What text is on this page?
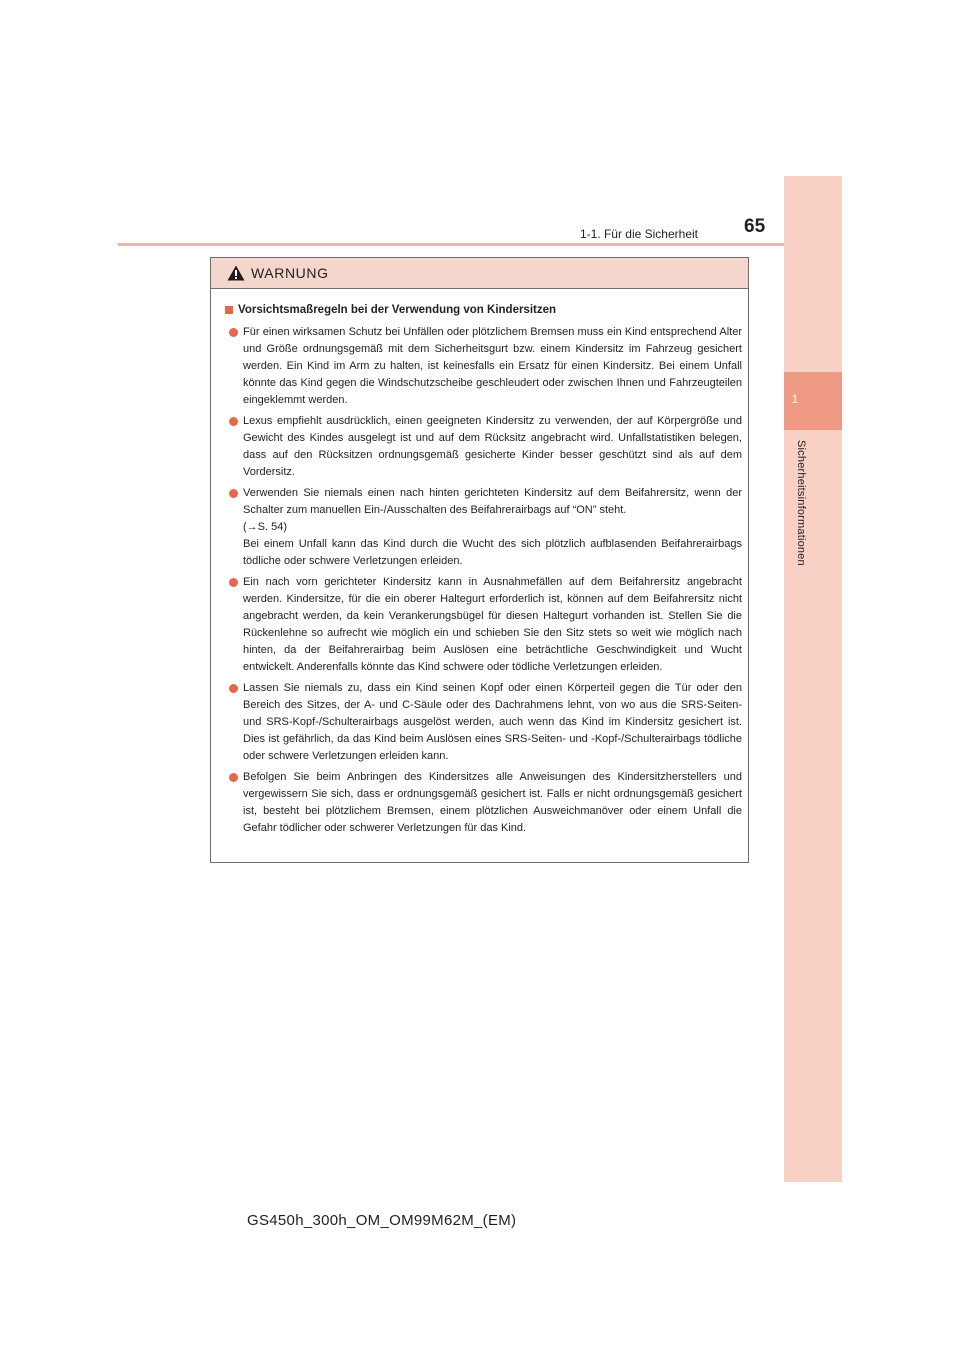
1-1. Für die Sicherheit 65
1
Sicherheitsinformationen
WARNUNG
Vorsichtsmaßregeln bei der Verwendung von Kindersitzen
Für einen wirksamen Schutz bei Unfällen oder plötzlichem Bremsen muss ein Kind entsprechend Alter und Größe ordnungsgemäß mit dem Sicherheitsgurt bzw. einem Kindersitz im Fahrzeug gesichert werden. Ein Kind im Arm zu halten, ist keinesfalls ein Ersatz für einen Kindersitz. Bei einem Unfall könnte das Kind gegen die Windschutzscheibe geschleudert oder zwischen Ihnen und Fahrzeugteilen eingeklemmt werden.
Lexus empfiehlt ausdrücklich, einen geeigneten Kindersitz zu verwenden, der auf Körpergröße und Gewicht des Kindes ausgelegt ist und auf dem Rücksitz angebracht wird. Unfallstatistiken belegen, dass auf den Rücksitzen ordnungsgemäß gesicherte Kinder besser geschützt sind als auf dem Vordersitz.
Verwenden Sie niemals einen nach hinten gerichteten Kindersitz auf dem Beifahrersitz, wenn der Schalter zum manuellen Ein-/Ausschalten des Beifahrerairbags auf “ON” steht.
(→S. 54)
Bei einem Unfall kann das Kind durch die Wucht des sich plötzlich aufblasenden Beifahrerairbags tödliche oder schwere Verletzungen erleiden.
Ein nach vorn gerichteter Kindersitz kann in Ausnahmefällen auf dem Beifahrersitz angebracht werden. Kindersitze, für die ein oberer Haltegurt erforderlich ist, können auf dem Beifahrersitz nicht angebracht werden, da kein Verankerungsbügel für diesen Haltegurt vorhanden ist. Stellen Sie die Rückenlehne so aufrecht wie möglich ein und schieben Sie den Sitz stets so weit wie möglich nach hinten, da der Beifahrerairbag beim Auslösen eine beträchtliche Geschwindigkeit und Wucht entwickelt. Anderenfalls könnte das Kind schwere oder tödliche Verletzungen erleiden.
Lassen Sie niemals zu, dass ein Kind seinen Kopf oder einen Körperteil gegen die Tür oder den Bereich des Sitzes, der A- und C-Säule oder des Dachrahmens lehnt, von wo aus die SRS-Seiten- und SRS-Kopf-/Schulterairbags ausgelöst werden, auch wenn das Kind im Kindersitz gesichert ist. Dies ist gefährlich, da das Kind beim Auslösen eines SRS-Seiten- und -Kopf-/Schulterairbags tödliche oder schwere Verletzungen erleiden kann.
Befolgen Sie beim Anbringen des Kindersitzes alle Anweisungen des Kindersitzherstellers und vergewissern Sie sich, dass er ordnungsgemäß gesichert ist. Falls er nicht ordnungsgemäß gesichert ist, besteht bei plötzlichem Bremsen, einem plötzlichen Ausweichmanöver oder einem Unfall die Gefahr tödlicher oder schwerer Verletzungen für das Kind.
GS450h_300h_OM_OM99M62M_(EM)
